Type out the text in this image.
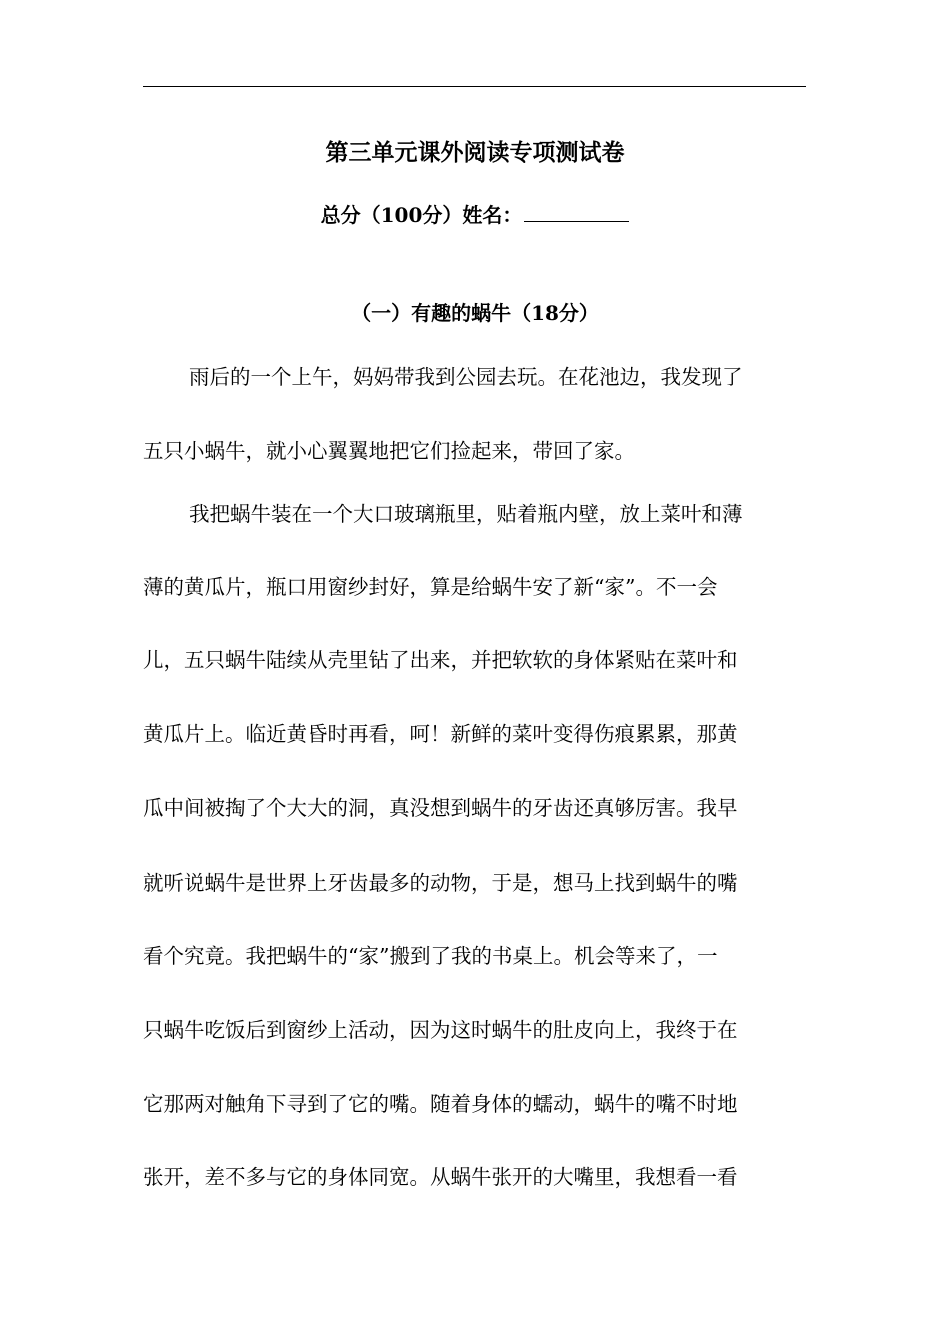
第三单元课外阅读专项测试卷
总分（100分）姓名：
（一）有趣的蜗牛（18分）
雨后的一个上午，妈妈带我到公园去玩。在花池边，我发现了
五只小蜗牛，就小心翼翼地把它们捡起来，带回了家。
我把蜗牛装在一个大口玻璃瓶里，贴着瓶内壁，放上菜叶和薄
薄的黄瓜片，瓶口用窗纱封好，算是给蜗牛安了新“家”。不一会
儿，五只蜗牛陆续从壳里钻了出来，并把软软的身体紧贴在菜叶和
黄瓜片上。临近黄昏时再看，呵！新鲜的菜叶变得伤痕累累，那黄
瓜中间被掏了个大大的洞，真没想到蜗牛的牙齿还真够厉害。我早
就听说蜗牛是世界上牙齿最多的动物，于是，想马上找到蜗牛的嘴
看个究竟。我把蜗牛的“家”搬到了我的书桌上。机会等来了，一
只蜗牛吃饭后到窗纱上活动，因为这时蜗牛的肚皮向上，我终于在
它那两对触角下寻到了它的嘴。随着身体的蠕动，蜗牛的嘴不时地
张开，差不多与它的身体同宽。从蜗牛张开的大嘴里，我想看一看
